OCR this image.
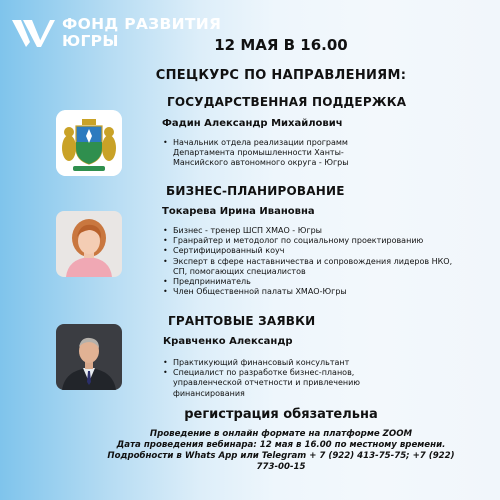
ФОНД РАЗВИТИЯ
ЮГРЫ	12 МАЯ В 16.00
СПЕЦКУРС ПО НАПРАВЛЕНИЯМ:
ГОСУДАРСТВЕННАЯ ПОДДЕРЖКА
Фадин Александр Михайлович
• Начальник отдела реализации программ Департамента промышленности Ханты-Мансийского автономного округа - Югры
БИЗНЕС-ПЛАНИРОВАНИЕ
Токарева Ирина Ивановна
• Бизнес - тренер ШСП ХМАО - Югры
• Гранрайтер и методолог по социальному проектированию
• Сертифицированный коуч
• Эксперт в сфере наставничества и сопровождения лидеров НКО, СП, помогающих специалистов
• Предприниматель
• Член Общественной палаты ХМАО-Югры
ГРАНТОВЫЕ ЗАЯВКИ
Кравченко Александр
• Практикующий финансовый консультант
• Специалист по разработке бизнес-планов, управленческой отчетности и привлечению финансирования
регистрация обязательна
Проведение в онлайн формате на платформе ZOOM
Дата проведения вебинара: 12 мая в 16.00 по местному времени.
Подробности в Whats App или Telegram + 7 (922) 413-75-75; +7 (922)
773-00-15
